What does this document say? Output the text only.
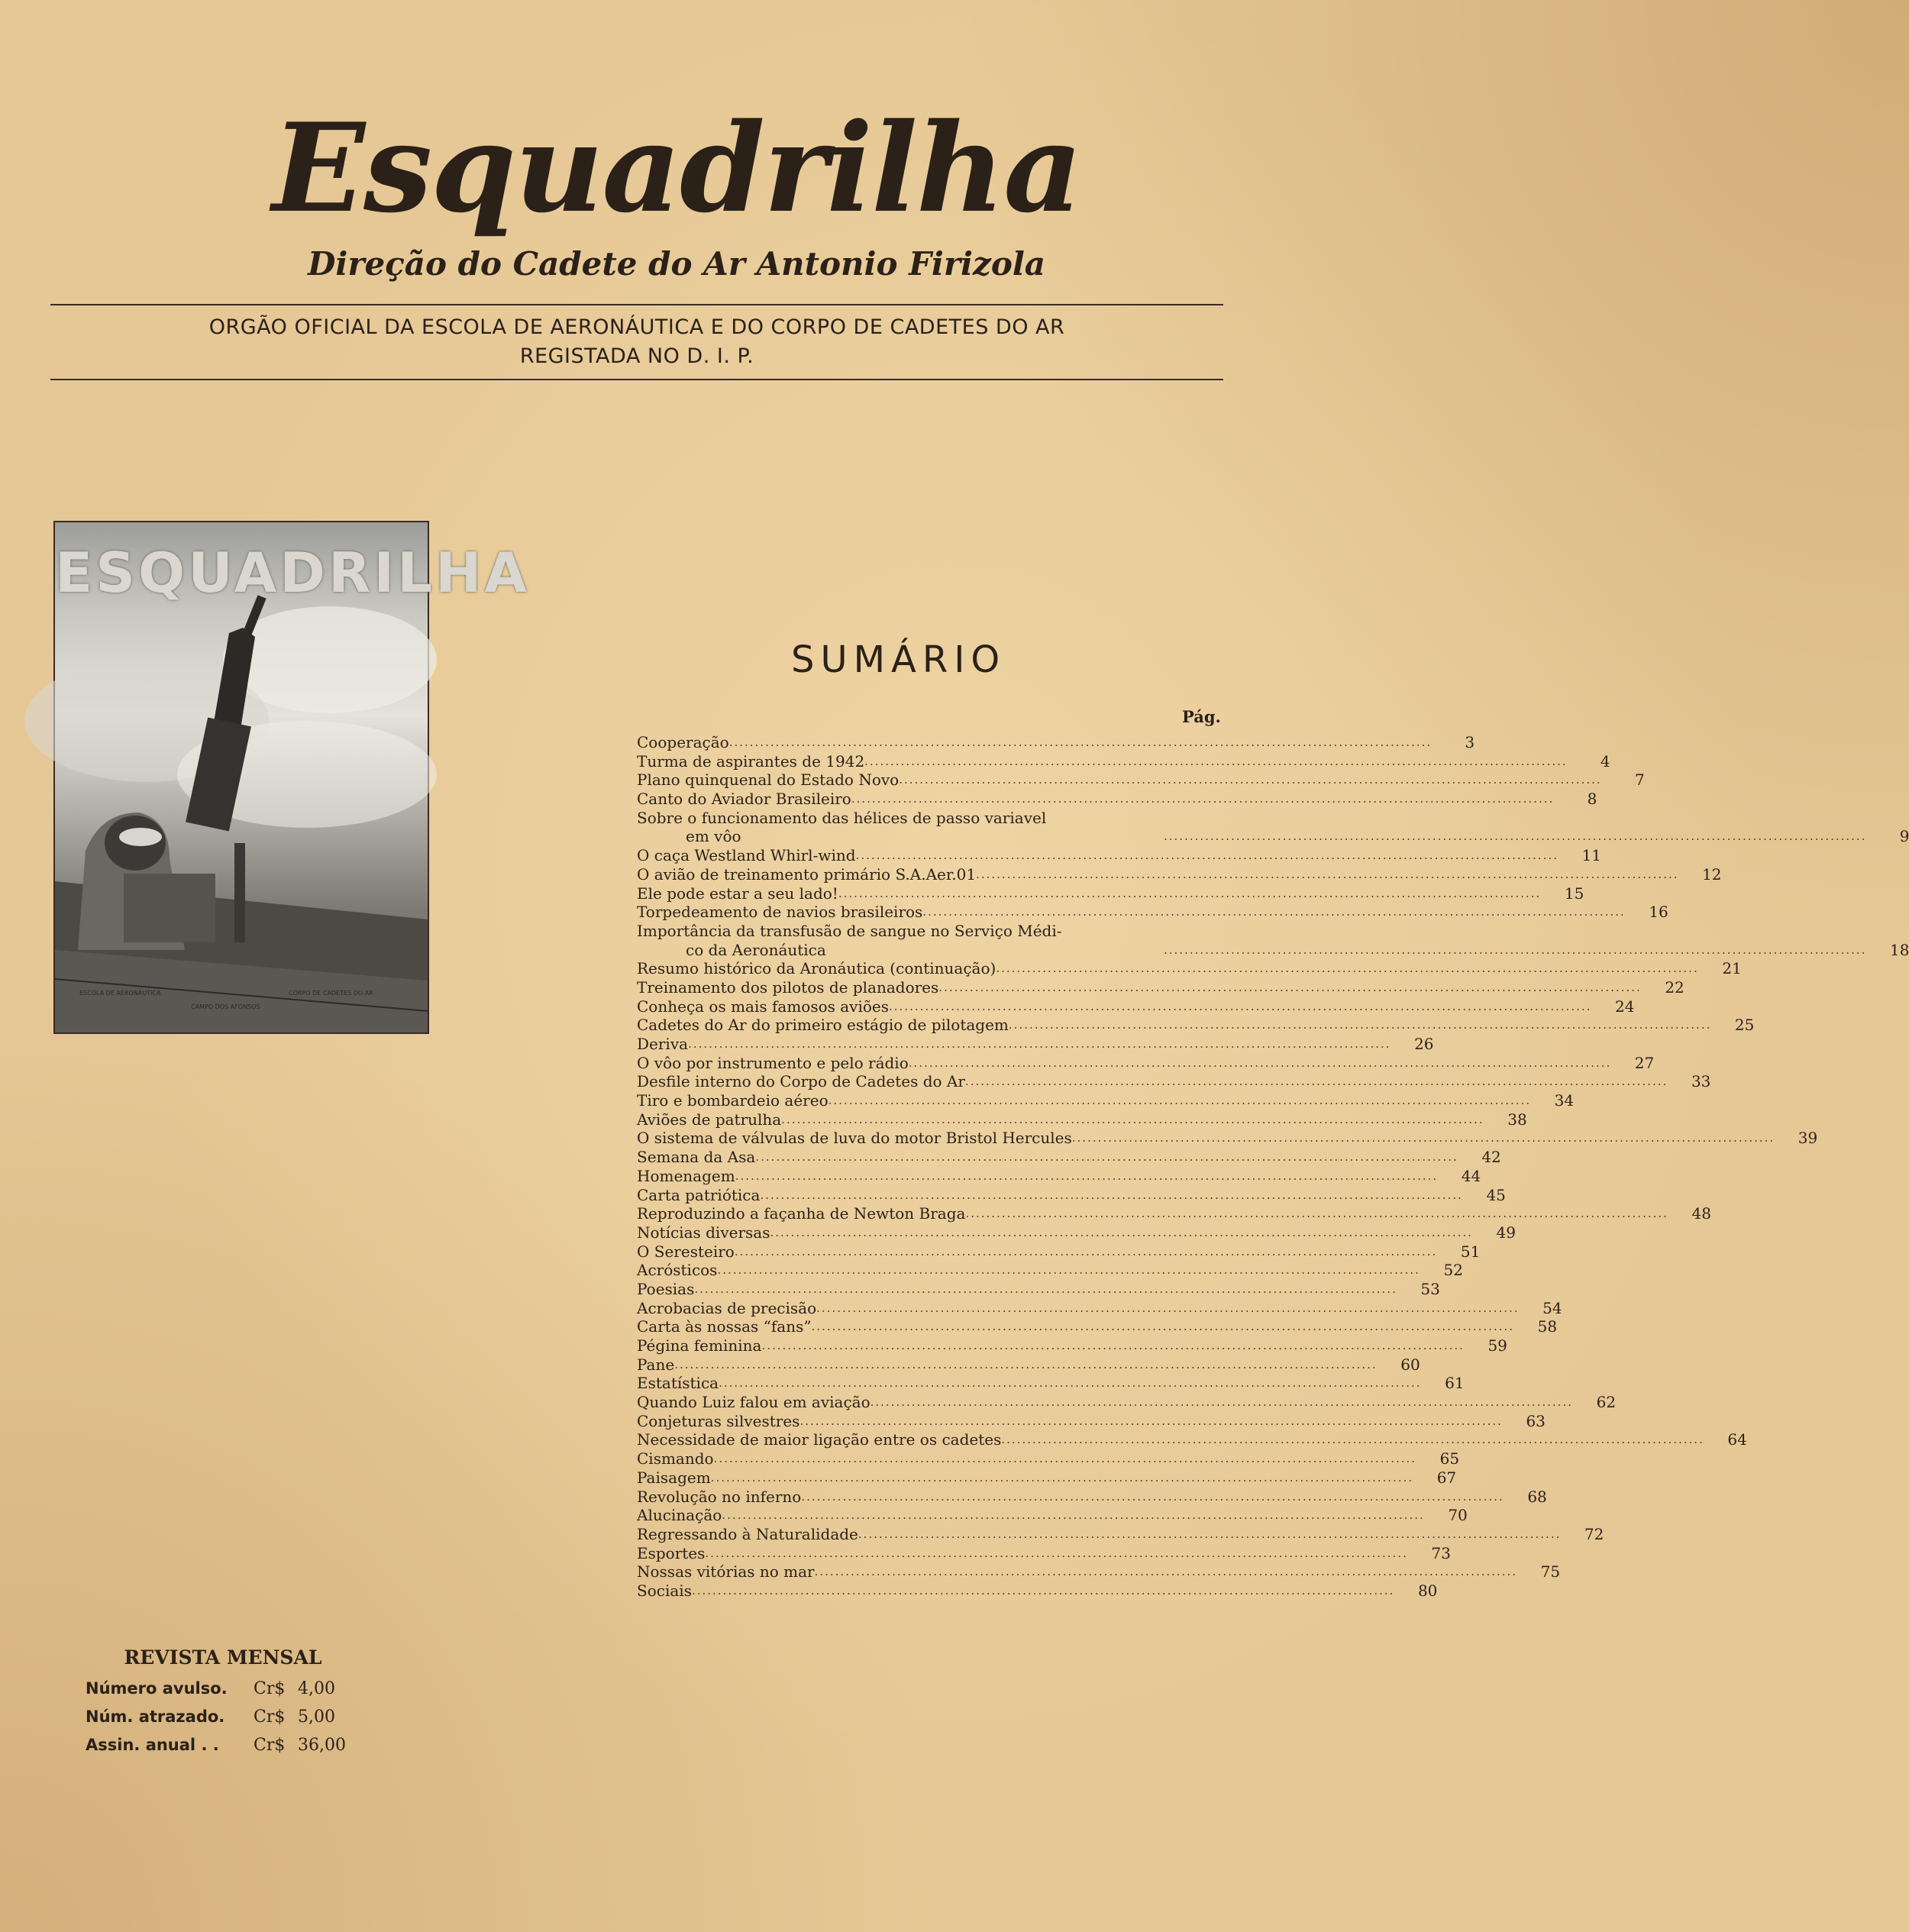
Esquadrilha
Direção do Cadete do Ar Antonio Firizola
ORGÃO OFICIAL DA ESCOLA DE AERONÁUTICA E DO CORPO DE CADETES DO AR
REGISTADA NO D. I. P.
ESQUADRILHA
ESCOLA DE AERONÁUTICA	CORPO DE CADETES DO AR
CAMPO DOS AFONSOS
SUMÁRIO
Pág.
Cooperação .....	3
Turma de aspirantes de 1942 .....	4
Plano quinquenal do Estado Novo .....	7
Canto do Aviador Brasileiro .....	8
Sobre o funcionamento das hélices de passo variavel
em vôo .....	9
O caça Westland Whirl-wind .....	11
O avião de treinamento primário S.A.Aer.01 .....	12
Ele pode estar a seu lado! .....	15
Torpedeamento de navios brasileiros .....	16
Importância da transfusão de sangue no Serviço Médi-
co da Aeronáutica .....	18
Resumo histórico da Aronáutica (continuação) .....	21
Treinamento dos pilotos de planadores .....	22
Conheça os mais famosos aviões .....	24
Cadetes do Ar do primeiro estágio de pilotagem .....	25
Deriva .....	26
O vôo por instrumento e pelo rádio .....	27
Desfile interno do Corpo de Cadetes do Ar .....	33
Tiro e bombardeio aéreo .....	34
Aviões de patrulha .....	38
O sistema de válvulas de luva do motor Bristol Hercules .....	39
Semana da Asa .....	42
Homenagem .....	44
Carta patriótica .....	45
Reproduzindo a façanha de Newton Braga .....	48
Notícias diversas .....	49
O Seresteiro .....	51
Acrósticos .....	52
Poesias .....	53
Acrobacias de precisão .....	54
Carta às nossas “fans” .....	58
Pégina feminina .....	59
Pane .....	60
Estatística .....	61
Quando Luiz falou em aviação .....	62
Conjeturas silvestres .....	63
Necessidade de maior ligação entre os cadetes .....	64
Cismando .....	65
Paisagem .....	67
Revolução no inferno .....	68
Alucinação .....	70
Regressando à Naturalidade .....	72
Esportes .....	73
Nossas vitórias no mar .....	75
Sociais .....	80
REVISTA MENSAL
Número avulso.	Cr$ 4,00
Núm. atrazado.	Cr$ 5,00
Assin. anual . .	Cr$ 36,00
